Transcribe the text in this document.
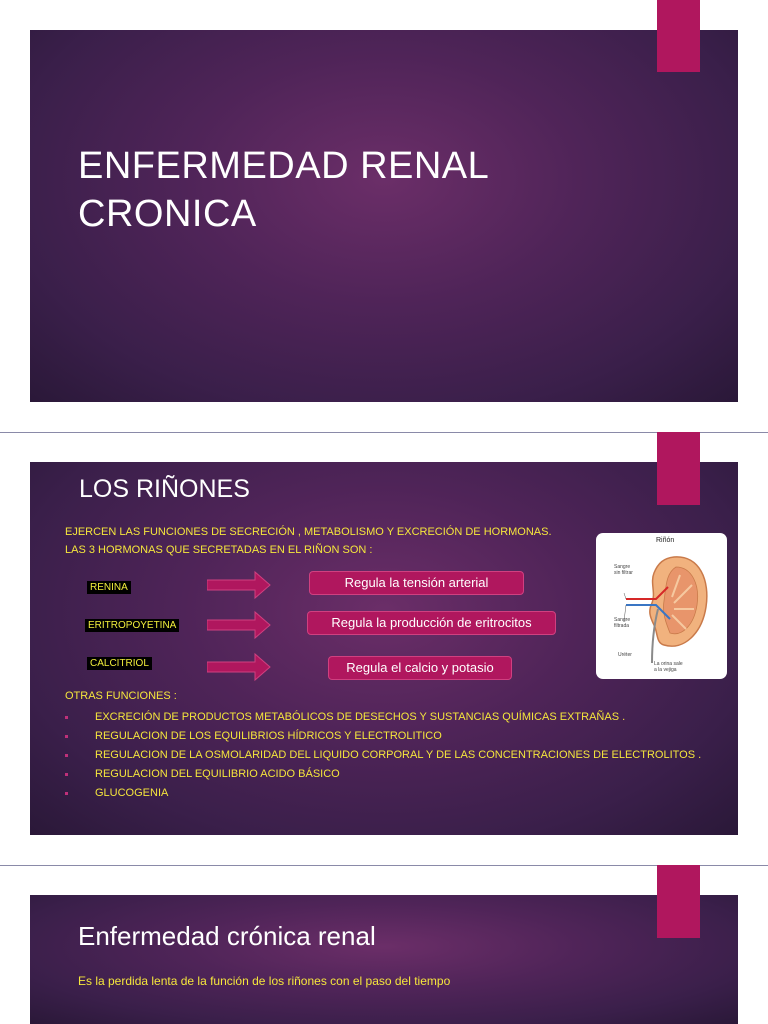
ENFERMEDAD RENAL
CRONICA
LOS RIÑONES

EJERCEN LAS FUNCIONES DE SECRECIÓN , METABOLISMO Y EXCRECIÓN DE HORMONAS.

LAS 3 HORMONAS QUE SECRETADAS EN EL RIÑON SON :

RENINA	Regula la tensión arterial
ERITROPOYETINA	Regula la producción de eritrocitos
CALCITRIOL	Regula el calcio y potasio

OTRAS FUNCIONES :

EXCRECIÓN DE PRODUCTOS METABÓLICOS DE DESECHOS Y SUSTANCIAS QUÍMICAS EXTRAÑAS .
REGULACION DE LOS EQUILIBRIOS HÍDRICOS Y ELECTROLITICO
REGULACION DE LA OSMOLARIDAD DEL LIQUIDO CORPORAL Y DE LAS CONCENTRACIONES DE ELECTROLITOS .
REGULACION DEL EQUILIBRIO ACIDO BÁSICO
GLUCOGENIA

Riñón

Sangre
sin filtrar

Sangre
filtrada

Uréter

La orina sale
a la vejiga

Enfermedad crónica renal

Es la perdida lenta de la función de los riñones con el paso del tiempo
